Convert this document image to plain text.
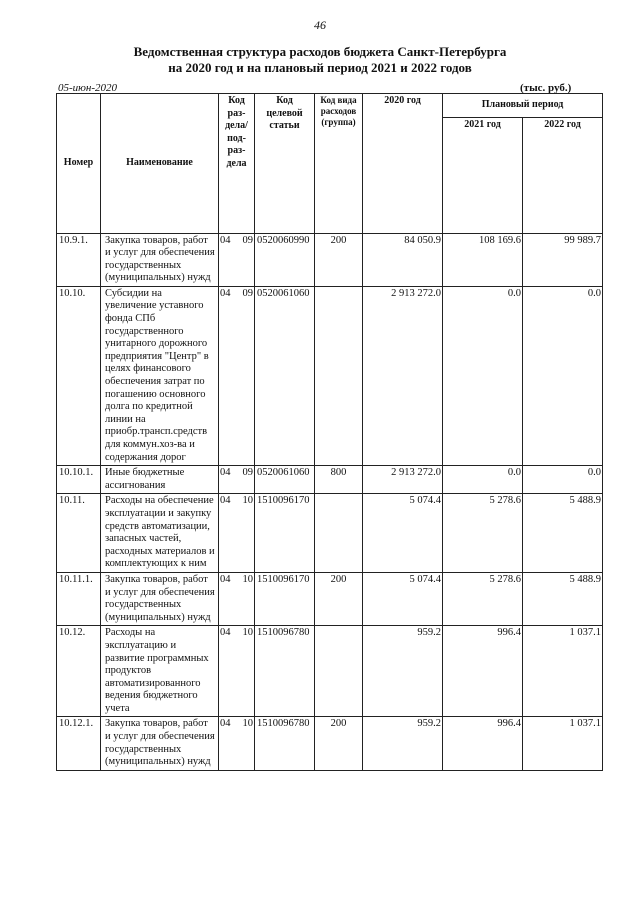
46
Ведомственная структура расходов бюджета Санкт-Петербурга
на 2020 год и на плановый период 2021 и 2022 годов
05-июн-2020	(тыс. руб.)
Номер	Наименование	Код раз- дела/ под- раз- дела		Код целевой статьи	Код вида расходов (группа)	2020 год	Плановый период	
							2021 год	2022 год

10.9.1.	Закупка товаров, работ и услуг для обеспечения государственных (муниципальных) нужд	04	09	0520060990	200	84 050.9	108 169.6	99 989.7
10.10.	Субсидии на увеличение уставного фонда СПб государственного унитарного дорожного предприятия "Центр" в целях финансового обеспечения затрат по погашению основного долга по кредитной линии на приобр.трансп.средств для коммун.хоз-ва и содержания дорог	04	09	0520061060		2 913 272.0	0.0	0.0
10.10.1.	Иные бюджетные ассигнования	04	09	0520061060	800	2 913 272.0	0.0	0.0
10.11.	Расходы на обеспечение эксплуатации и закупку средств автоматизации, запасных частей, расходных материалов и комплектующих к ним	04	10	1510096170		5 074.4	5 278.6	5 488.9
10.11.1.	Закупка товаров, работ и услуг для обеспечения государственных (муниципальных) нужд	04	10	1510096170	200	5 074.4	5 278.6	5 488.9
10.12.	Расходы на эксплуатацию и развитие программных продуктов автоматизированного ведения бюджетного учета	04	10	1510096780		959.2	996.4	1 037.1
10.12.1.	Закупка товаров, работ и услуг для обеспечения государственных (муниципальных) нужд	04	10	1510096780	200	959.2	996.4	1 037.1
